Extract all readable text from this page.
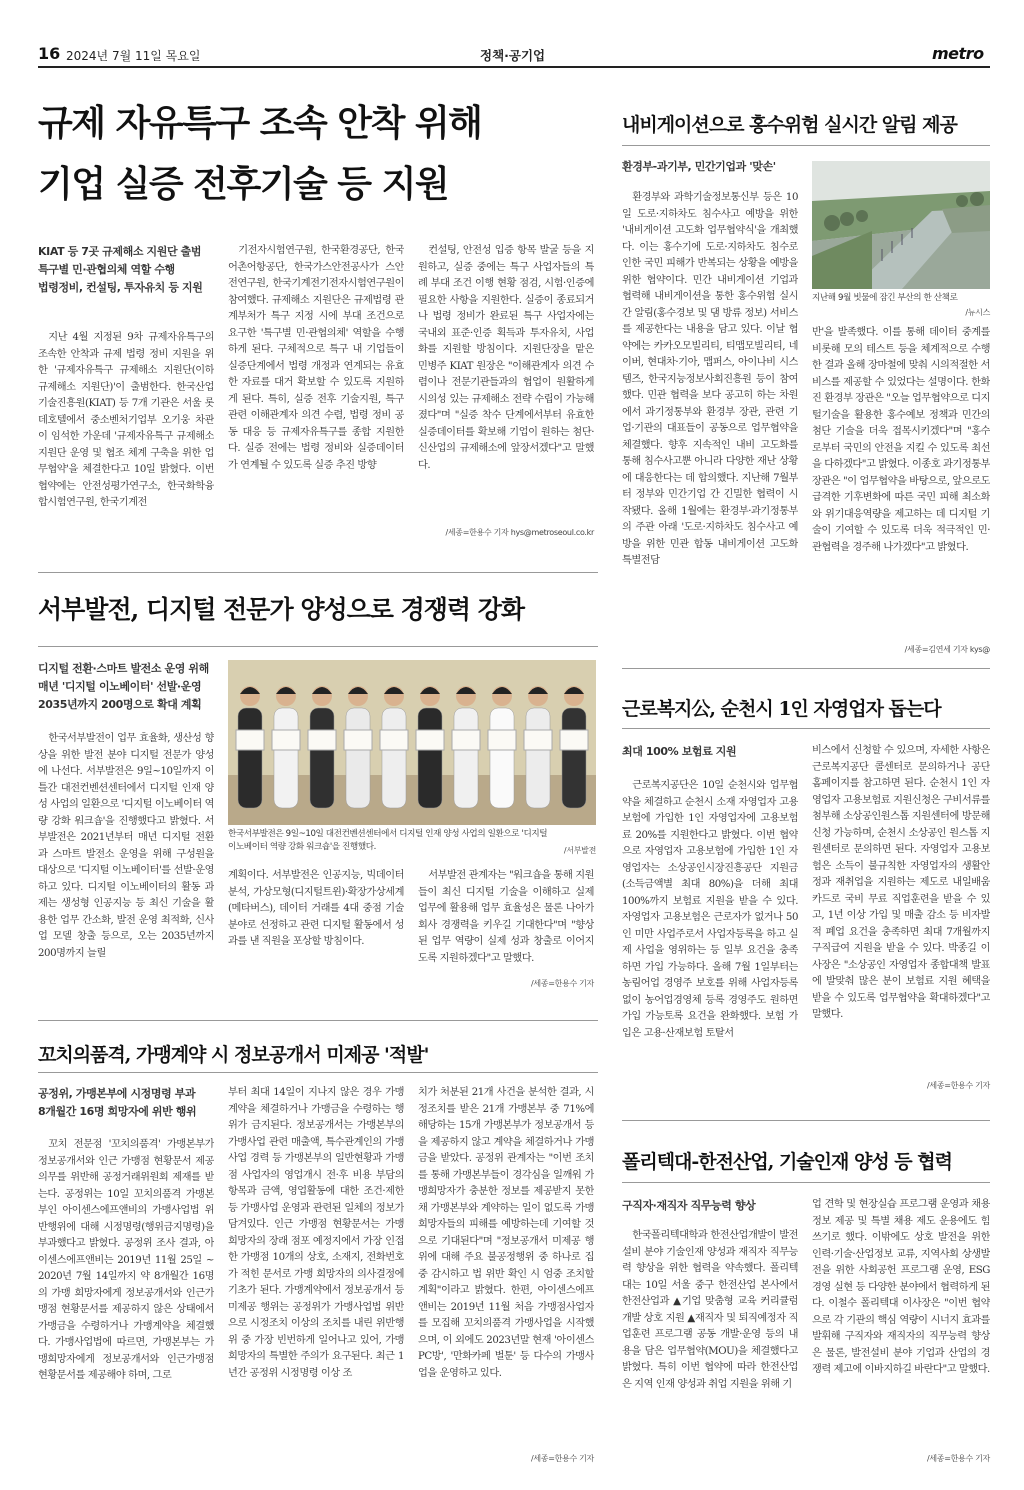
16 2024년 7월 11일 목요일	정책·공기업	metro
규제 자유특구 조속 안착 위해
기업 실증 전후기술 등 지원
KIAT 등 7곳 규제해소 지원단 출범
특구별 민·관협의체 역할 수행
법령정비, 컨설팅, 투자유치 등 지원

지난 4월 지정된 9차 규제자유특구의 조속한 안착과 규제 법령 정비 지원을 위한 '규제자유특구 규제해소 지원단(이하 규제해소 지원단)'이 출범한다. 한국산업기술진흥원(KIAT) 등 7개 기관은 서울 롯데호텔에서 중소벤처기업부 오기웅 차관이 임석한 가운데 '규제자유특구 규제해소 지원단 운영 및 협조 체계 구축을 위한 업무협약'을 체결한다고 10일 밝혔다. 이번 협약에는 안전성평가연구소, 한국화학융합시험연구원, 한국기계전

기전자시험연구원, 한국환경공단, 한국어촌어항공단, 한국가스안전공사가 스안전연구원, 한국기계전기전자시험연구원이 참여했다. 규제해소 지원단은 규제법령 관계부처가 특구 지정 시에 부대 조건으로 요구한 '특구별 민·관협의체' 역할을 수행하게 된다. 구체적으로 특구 내 기업들이 실증단계에서 법령 개정과 연계되는 유효한 자료를 대거 확보할 수 있도록 지원하게 된다. 특히, 실증 전후 기술지원, 특구 관련 이해관계자 의견 수렴, 법령 정비 공동 대응 등 규제자유특구를 종합 지원한다. 실증 전에는 법령 정비와 실증데이터가 연계될 수 있도록 실증 추진 방향

컨설팅, 안전성 입증 항목 발굴 등을 지원하고, 실증 중에는 특구 사업자들의 특례 부대 조건 이행 현황 점검, 시험·인증에 필요한 사항을 지원한다. 실증이 종료되거나 법령 정비가 완료된 특구 사업자에는 국내외 표준·인증 획득과 투자유치, 사업화를 지원할 방침이다. 지원단장을 맡은 민병주 KIAT 원장은 "이해관계자 의견 수렴이나 전문기관들과의 협업이 원활하게 시의성 있는 규제해소 전략 수립이 가능해졌다"며 "실증 착수 단계에서부터 유효한 실증데이터를 확보해 기업이 원하는 첨단·신산업의 규제해소에 앞장서겠다"고 말했다.

/세종=한용수 기자 hys@metroseoul.co.kr
내비게이션으로 홍수위험 실시간 알림 제공
환경부-과기부, 민간기업과 '맞손'

환경부와 과학기술정보통신부 등은 10일 도로·지하차도 침수사고 예방을 위한 '내비게이션 고도화 업무협약식'을 개최했다. 이는 홍수기에 도로·지하차도 침수로 인한 국민 피해가 반복되는 상황을 예방을 위한 협약이다. 민간 내비게이션 기업과 협력해 내비게이션을 통한 홍수위험 실시간 알림(홍수경보 및 댐 방류 정보) 서비스를 제공한다는 내용을 담고 있다. 이날 협약에는 카카오모빌리티, 티맵모빌리티, 네이버, 현대차·기아, 맵퍼스, 아이나비 시스템즈, 한국지능정보사회진흥원 등이 참여했다. 민관 협력을 보다 공고히 하는 차원에서 과기정통부와 환경부 장관, 관련 기업·기관의 대표들이 공동으로 업무협약을 체결했다. 향후 지속적인 내비 고도화를 통해 침수사고뿐 아니라 다양한 재난 상황에 대응한다는 데 합의했다. 지난해 7월부터 정부와 민간기업 간 긴밀한 협력이 시작됐다. 올해 1월에는 환경부·과기정통부의 주관 아래 '도로·지하차도 침수사고 예방을 위한 민관 합동 내비게이션 고도화 특별전담

지난해 9월 빗물에 잠긴 부산의 한 산책로
/뉴시스

반'을 발족했다. 이를 통해 데이터 중계를 비롯해 모의 테스트 등을 체계적으로 수행한 결과 올해 장마철에 맞춰 시의적절한 서비스를 제공할 수 있었다는 설명이다. 한화진 환경부 장관은 "오늘 업무협약으로 디지털기술을 활용한 홍수예보 정책과 민간의 첨단 기술을 더욱 접목시키겠다"며 "홍수로부터 국민의 안전을 지킬 수 있도록 최선을 다하겠다"고 밝혔다. 이종호 과기정통부 장관은 "이 업무협약을 바탕으로, 앞으로도 급격한 기후변화에 따른 국민 피해 최소화와 위기대응역량을 제고하는 데 디지털 기술이 기여할 수 있도록 더욱 적극적인 민·관협력을 경주해 나가겠다"고 밝혔다.

/세종=김연세 기자 kys@
서부발전, 디지털 전문가 양성으로 경쟁력 강화
디지털 전환·스마트 발전소 운영 위해
매년 '디지털 이노베이터' 선발·운영
2035년까지 200명으로 확대 계획

한국서부발전이 업무 효율화, 생산성 향상을 위한 발전 분야 디지털 전문가 양성에 나선다. 서부발전은 9일~10일까지 이틀간 대전컨벤션센터에서 디지털 인재 양성 사업의 일환으로 '디지털 이노베이터 역량 강화 워크숍'을 진행했다고 밝혔다. 서부발전은 2021년부터 매년 디지털 전환과 스마트 발전소 운영을 위해 구성원을 대상으로 '디지털 이노베이터'를 선발·운영하고 있다. 디지털 이노베이터의 활동 과제는 생성형 인공지능 등 최신 기술을 활용한 업무 간소화, 발전 운영 최적화, 신사업 모델 창출 등으로, 오는 2035년까지 200명까지 늘릴

한국서부발전은 9일~10일 대전컨벤션센터에서 디지털 인재 양성 사업의 일환으로 '디지털 이노베이터 역량 강화 워크숍'을 진행했다.	/서부발전

계획이다. 서부발전은 인공지능, 빅데이터 분석, 가상모형(디지털트윈)·확장가상세계(메타버스), 데이터 거래를 4대 중점 기술 분야로 선정하고 관련 디지털 활동에서 성과를 낸 직원을 포상할 방침이다.

서부발전 관계자는 "워크숍을 통해 지원들이 최신 디지털 기술을 이해하고 실제 업무에 활용해 업무 효율성은 물론 나아가 회사 경쟁력을 키우길 기대한다"며 "향상된 업무 역량이 실제 성과 창출로 이어지도록 지원하겠다"고 말했다.

/세종=한용수 기자
꼬치의품격, 가맹계약 시 정보공개서 미제공 '적발'
공정위, 가맹본부에 시정명령 부과
8개월간 16명 희망자에 위반 행위

꼬치 전문점 '꼬치의품격' 가맹본부가 정보공개서와 인근 가맹점 현황문서 제공의무를 위반해 공정거래위원회 제재를 받는다. 공정위는 10일 꼬치의품격 가맹본부인 아이센스에프앤비의 가맹사업법 위반행위에 대해 시정명령(행위금지명령)을 부과했다고 밝혔다. 공정위 조사 결과, 아이센스에프앤비는 2019년 11월 25일 ~ 2020년 7월 14일까지 약 8개월간 16명의 가맹 희망자에게 정보공개서와 인근가맹점 현황문서를 제공하지 않은 상태에서 가맹금을 수령하거나 가맹계약을 체결했다. 가맹사업법에 따르면, 가맹본부는 가맹희망자에게 정보공개서와 인근가맹점 현황문서를 제공해야 하며, 그로

부터 최대 14일이 지나지 않은 경우 가맹계약을 체결하거나 가맹금을 수령하는 행위가 금지된다. 정보공개서는 가맹본부의 가맹사업 관련 매출액, 특수관계인의 가맹사업 경력 등 가맹본부의 일반현황과 가맹점 사업자의 영업개시 전·후 비용 부담의 항목과 금액, 영업활동에 대한 조건·제한 등 가맹사업 운영과 관련된 일체의 정보가 담겨있다. 인근 가맹점 현황문서는 가맹 희망자의 장래 점포 예정지에서 가장 인접한 가맹점 10개의 상호, 소재지, 전화번호가 적힌 문서로 가맹 희망자의 의사결정에 기초가 된다. 가맹계약에서 정보공개서 등 미제공 행위는 공정위가 가맹사업법 위반으로 시정조치 이상의 조치를 내린 위반행위 중 가장 빈번하게 일어나고 있어, 가맹 희망자의 특별한 주의가 요구된다. 최근 1년간 공정위 시정명령 이상 조

치가 처분된 21개 사건을 분석한 결과, 시정조치를 받은 21개 가맹본부 중 71%에 해당하는 15개 가맹본부가 정보공개서 등을 제공하지 않고 계약을 체결하거나 가맹금을 받았다. 공정위 관계자는 "이번 조치를 통해 가맹본부들이 경각심을 일깨워 가맹희망자가 충분한 정보를 제공받지 못한 채 가맹본부와 계약하는 일이 없도록 가맹희망자들의 피해를 예방하는데 기여할 것으로 기대된다"며 "정보공개서 미제공 행위에 대해 주요 불공정행위 중 하나로 집중 감시하고 법 위반 확인 시 엄중 조치할 계획"이라고 밝혔다. 한편, 아이센스에프앤비는 2019년 11월 처음 가맹점사업자를 모집해 꼬치의품격 가맹사업을 시작했으며, 이 외에도 2023년말 현재 '아이센스PC방', '만화카페 벌툰' 등 다수의 가맹사업을 운영하고 있다.

/세종=한용수 기자
근로복지公, 순천시 1인 자영업자 돕는다
최대 100% 보험료 지원

근로복지공단은 10일 순천시와 업무협약을 체결하고 순천시 소재 자영업자 고용보험에 가입한 1인 자영업자에 고용보험료 20%를 지원한다고 밝혔다. 이번 협약으로 자영업자 고용보험에 가입한 1인 자영업자는 소상공인시장진흥공단 지원금(소득금액별 최대 80%)을 더해 최대 100%까지 보험료 지원을 받을 수 있다. 자영업자 고용보험은 근로자가 없거나 50인 미만 사업주로서 사업자등록을 하고 실제 사업을 영위하는 등 일부 요건을 충족하면 가입 가능하다. 올해 7월 1일부터는 농림어업 경영주 보호를 위해 사업자등록 없이 농어업경영체 등록 경영주도 원하면 가입 가능토록 요건을 완화했다. 보험 가입은 고용·산재보험 토탈서

비스에서 신청할 수 있으며, 자세한 사항은 근로복지공단 콜센터로 문의하거나 공단 홈페이지를 참고하면 된다. 순천시 1인 자영업자 고용보험료 지원신청은 구비서류를 첨부해 소상공인원스톱 지원센터에 방문해 신청 가능하며, 순천시 소상공인 원스톱 지원센터로 문의하면 된다. 자영업자 고용보험은 소득이 불규칙한 자영업자의 생활안정과 재취업을 지원하는 제도로 내일배움카드로 국비 무료 직업훈련을 받을 수 있고, 1년 이상 가입 및 매출 감소 등 비자발적 폐업 요건을 충족하면 최대 7개월까지 구직급여 지원을 받을 수 있다. 박종길 이사장은 "소상공인 자영업자 종합대책 발표에 발맞춰 많은 분이 보험료 지원 혜택을 받을 수 있도록 업무협약을 확대하겠다"고 말했다.

/세종=한용수 기자
폴리텍대-한전산업, 기술인재 양성 등 협력
구직자·재직자 직무능력 향상

한국폴리텍대학과 한전산업개발이 발전설비 분야 기술인재 양성과 재직자 직무능력 향상을 위한 협력을 약속했다. 폴리텍대는 10일 서울 중구 한전산업 본사에서 한전산업과 ▲기업 맞춤형 교육 커리큘럼 개발 상호 지원 ▲재직자 및 퇴직예정자 직업훈련 프로그램 공동 개발·운영 등의 내용을 담은 업무협약(MOU)을 체결했다고 밝혔다. 특히 이번 협약에 따라 한전산업은 지역 인재 양성과 취업 지원을 위해 기

업 견학 및 현장실습 프로그램 운영과 채용 정보 제공 및 특별 채용 제도 운용에도 힘쓰기로 했다. 이밖에도 상호 발전을 위한 인력·기술·산업정보 교류, 지역사회 상생발전을 위한 사회공헌 프로그램 운영, ESG 경영 실현 등 다양한 분야에서 협력하게 된다. 이철수 폴리텍대 이사장은 "이번 협약으로 각 기관의 핵심 역량이 시너지 효과를 발휘해 구직자와 재직자의 직무능력 향상은 물론, 발전설비 분야 기업과 산업의 경쟁력 제고에 이바지하길 바란다"고 말했다.

/세종=한용수 기자
